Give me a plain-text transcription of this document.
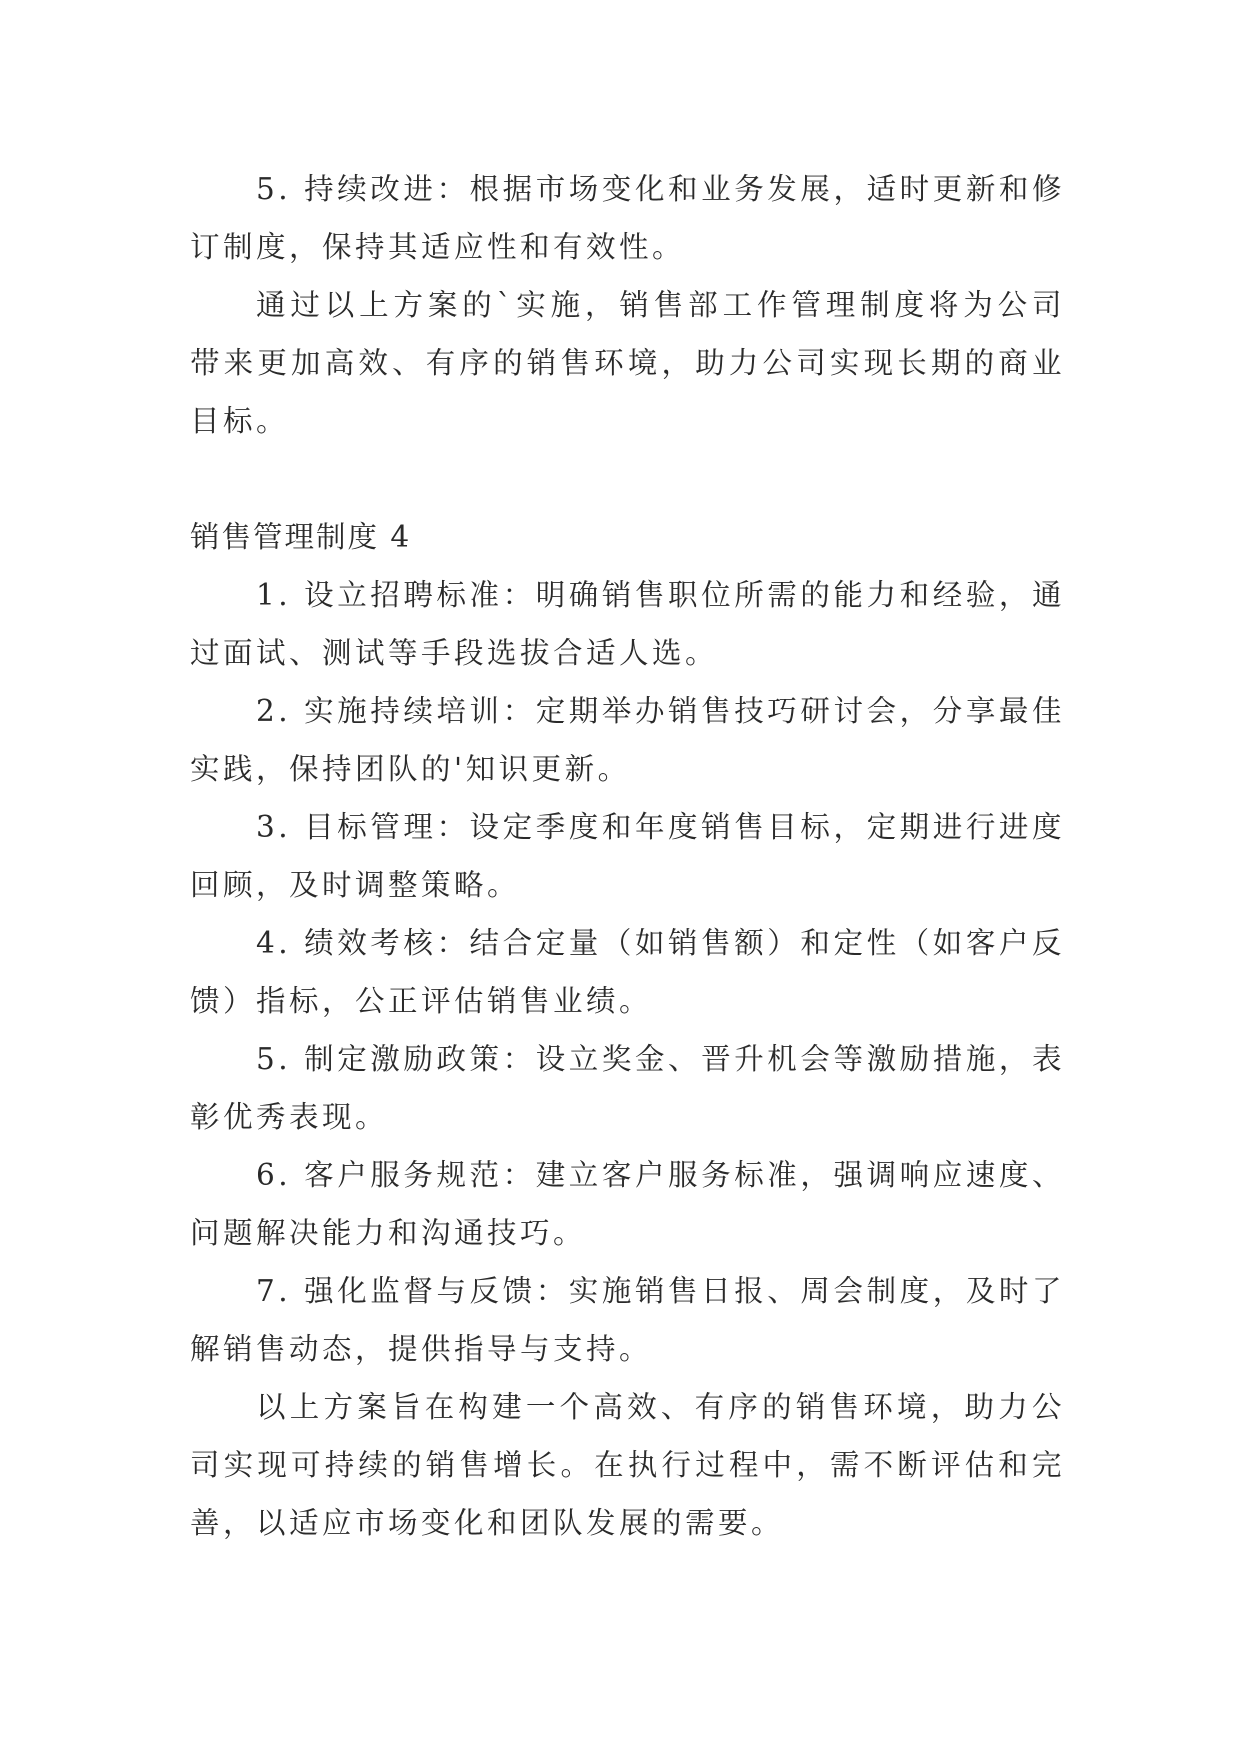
5. 持续改进：根据市场变化和业务发展，适时更新和修订制度，保持其适应性和有效性。

通过以上方案的`实施，销售部工作管理制度将为公司带来更加高效、有序的销售环境，助力公司实现长期的商业目标。

销售管理制度 4

1. 设立招聘标准：明确销售职位所需的能力和经验，通过面试、测试等手段选拔合适人选。

2. 实施持续培训：定期举办销售技巧研讨会，分享最佳实践，保持团队的'知识更新。

3. 目标管理：设定季度和年度销售目标，定期进行进度回顾，及时调整策略。

4. 绩效考核：结合定量（如销售额）和定性（如客户反馈）指标，公正评估销售业绩。

5. 制定激励政策：设立奖金、晋升机会等激励措施，表彰优秀表现。

6. 客户服务规范：建立客户服务标准，强调响应速度、问题解决能力和沟通技巧。

7. 强化监督与反馈：实施销售日报、周会制度，及时了解销售动态，提供指导与支持。

以上方案旨在构建一个高效、有序的销售环境，助力公司实现可持续的销售增长。在执行过程中，需不断评估和完善，以适应市场变化和团队发展的需要。
